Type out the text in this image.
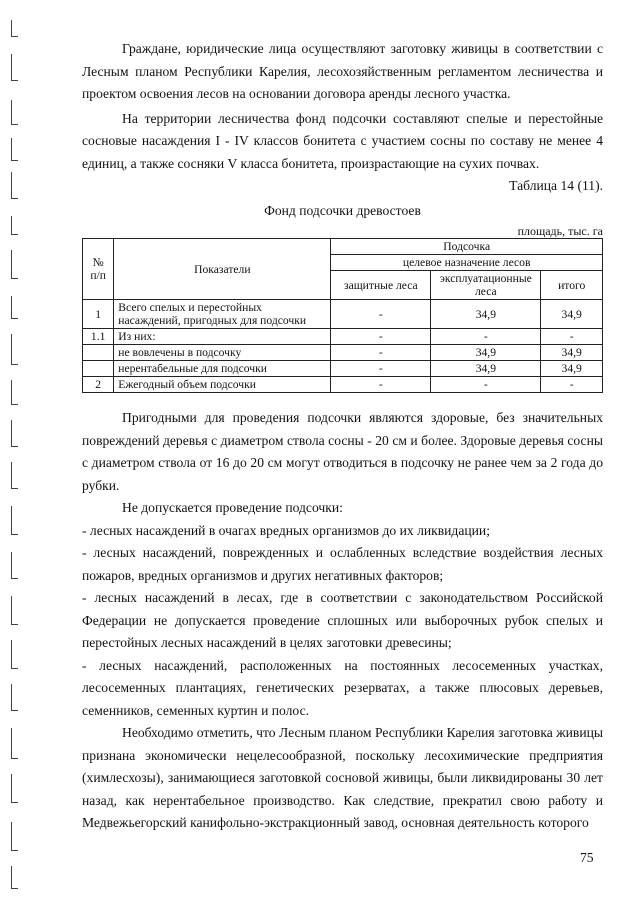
Граждане, юридические лица осуществляют заготовку живицы в соответствии с Лесным планом Республики Карелия, лесохозяйственным регламентом лесничества и проектом освоения лесов на основании договора аренды лесного участка.

На территории лесничества фонд подсочки составляют спелые и перестойные сосновые насаждения I - IV классов бонитета с участием сосны по составу не менее 4 единиц, а также сосняки V класса бонитета, произрастающие на сухих почвах.

Таблица 14 (11).

Фонд подсочки древостоев

площадь, тыс. га

№ п/п	Показатели	Подсочка		
		целевое назначение лесов		
		защитные леса	эксплуатационные леса	итого
1	Всего спелых и перестойных насаждений, пригодных для подсочки	-	34,9	34,9
1.1	Из них:	-	-	-
	не вовлечены в подсочку	-	34,9	34,9
	нерентабельные для подсочки	-	34,9	34,9
2	Ежегодный объем подсочки	-	-	-

Пригодными для проведения подсочки являются здоровые, без значительных повреждений деревья с диаметром ствола сосны - 20 см и более. Здоровые деревья сосны с диаметром ствола от 16 до 20 см могут отводиться в подсочку не ранее чем за 2 года до рубки.

Не допускается проведение подсочки:

- лесных насаждений в очагах вредных организмов до их ликвидации;

- лесных насаждений, поврежденных и ослабленных вследствие воздействия лесных пожаров, вредных организмов и других негативных факторов;

- лесных насаждений в лесах, где в соответствии с законодательством Российской Федерации не допускается проведение сплошных или выборочных рубок спелых и перестойных лесных насаждений в целях заготовки древесины;

- лесных насаждений, расположенных на постоянных лесосеменных участках, лесосеменных плантациях, генетических резерватах, а также плюсовых деревьев, семенников, семенных куртин и полос.

Необходимо отметить, что Лесным планом Республики Карелия заготовка живицы признана экономически нецелесообразной, поскольку лесохимические предприятия (химлесхозы), занимающиеся заготовкой сосновой живицы, были ликвидированы 30 лет назад, как нерентабельное производство. Как следствие, прекратил свою работу и Медвежьегорский канифольно-экстракционный завод, основная деятельность которого

75
